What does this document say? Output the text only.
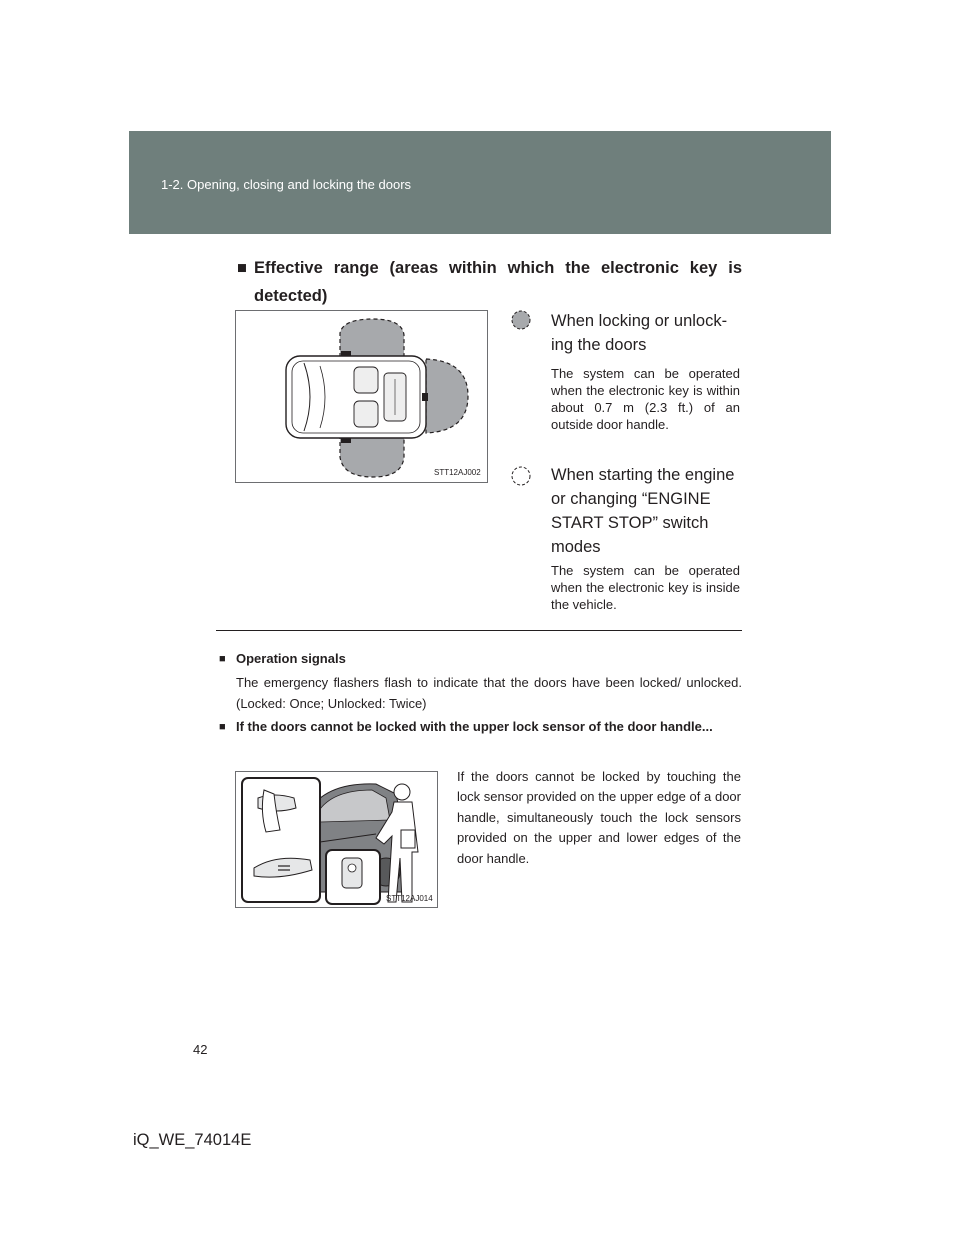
1-2. Opening, closing and locking the doors
■ Effective range (areas within which the electronic key is detected)
STT12AJ002
When locking or unlock-
ing the doors
The system can be operated when the electronic key is within about 0.7 m (2.3 ft.) of an outside door handle.
When starting the engine
or changing “ENGINE
START STOP” switch
modes
The system can be operated when the electronic key is inside the vehicle.
■ Operation signals
The emergency flashers flash to indicate that the doors have been locked/ unlocked. (Locked: Once; Unlocked: Twice)
■ If the doors cannot be locked with the upper lock sensor of the door handle...
STT12AJ014
If the doors cannot be locked by touching the lock sensor provided on the upper edge of a door handle, simultaneously touch the lock sensors provided on the upper and lower edges of the door handle.
42
iQ_WE_74014E
